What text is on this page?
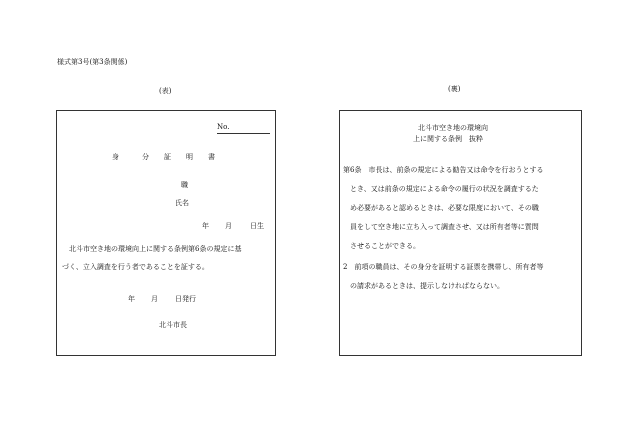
様式第3号(第3条関係)
(表)	(裏)
No.
身	分 証 明 書
職
氏名
年 月	日生
北斗市空き地の環境向上に関する条例第6条の規定に基
づく、立入調査を行う者であることを証する。
年 月 日発行
北斗市長
北斗市空き地の環境向
上に関する条例　抜粋
第6条　市長は、前条の規定による勧告又は命令を行おうとする
とき、又は前条の規定による命令の履行の状況を調査するた
め必要があると認めるときは、必要な限度において、その職
員をして空き地に立ち入って調査させ、又は所有者等に質問
させることができる。
2　前項の職員は、その身分を証明する証票を携帯し、所有者等
の請求があるときは、提示しなければならない。
